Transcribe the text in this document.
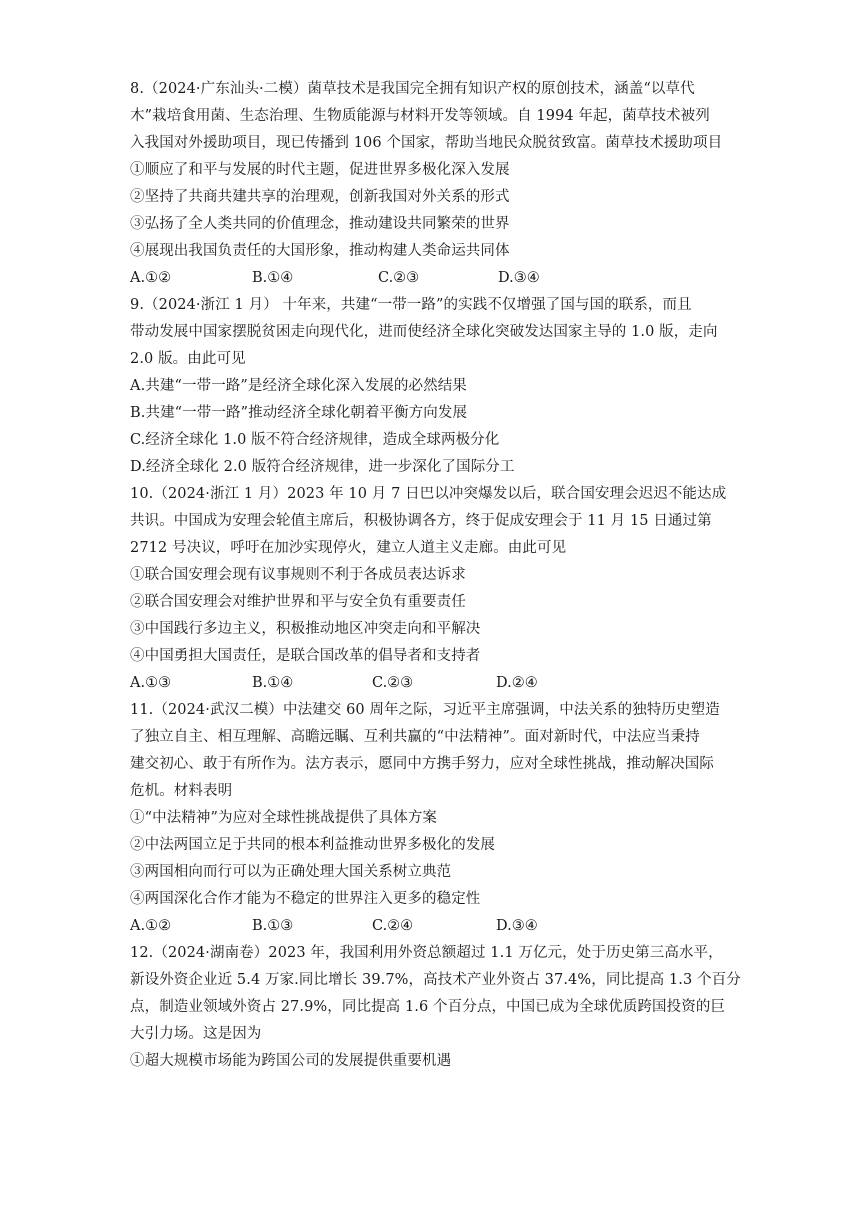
8.（2024·广东汕头·二模）菌草技术是我国完全拥有知识产权的原创技术，涵盖“以草代
木”栽培食用菌、生态治理、生物质能源与材料开发等领域。自 1994 年起，菌草技术被列
入我国对外援助项目，现已传播到 106 个国家，帮助当地民众脱贫致富。菌草技术援助项目
①顺应了和平与发展的时代主题，促进世界多极化深入发展
②坚持了共商共建共享的治理观，创新我国对外关系的形式
③弘扬了全人类共同的价值理念，推动建设共同繁荣的世界
④展现出我国负责任的大国形象，推动构建人类命运共同体
A.①②	B.①④	C.②③	D.③④
9.（2024·浙江 1 月） 十年来，共建“一带一路”的实践不仅增强了国与国的联系，而且
带动发展中国家摆脱贫困走向现代化，进而使经济全球化突破发达国家主导的 1.0 版，走向
2.0 版。由此可见
A.共建“一带一路”是经济全球化深入发展的必然结果
B.共建“一带一路”推动经济全球化朝着平衡方向发展
C.经济全球化 1.0 版不符合经济规律，造成全球两极分化
D.经济全球化 2.0 版符合经济规律，进一步深化了国际分工
10.（2024·浙江 1 月）2023 年 10 月 7 日巴以冲突爆发以后，联合国安理会迟迟不能达成
共识。中国成为安理会轮值主席后，积极协调各方，终于促成安理会于 11 月 15 日通过第
2712 号决议，呼吁在加沙实现停火，建立人道主义走廊。由此可见
①联合国安理会现有议事规则不利于各成员表达诉求
②联合国安理会对维护世界和平与安全负有重要责任
③中国践行多边主义，积极推动地区冲突走向和平解决
④中国勇担大国责任，是联合国改革的倡导者和支持者
A.①③	B.①④	C.②③	D.②④
11.（2024·武汉二模）中法建交 60 周年之际，习近平主席强调，中法关系的独特历史塑造
了独立自主、相互理解、高瞻远瞩、互利共赢的“中法精神”。面对新时代，中法应当秉持
建交初心、敢于有所作为。法方表示，愿同中方携手努力，应对全球性挑战，推动解决国际
危机。材料表明
①“中法精神”为应对全球性挑战提供了具体方案
②中法两国立足于共同的根本利益推动世界多极化的发展
③两国相向而行可以为正确处理大国关系树立典范
④两国深化合作才能为不稳定的世界注入更多的稳定性
A.①②	B.①③	C.②④	D.③④
12.（2024·湖南卷）2023 年，我国利用外资总额超过 1.1 万亿元，处于历史第三高水平，
新设外资企业近 5.4 万家.同比增长 39.7%，高技术产业外资占 37.4%，同比提高 1.3 个百分
点，制造业领域外资占 27.9%，同比提高 1.6 个百分点，中国已成为全球优质跨国投资的巨
大引力场。这是因为
①超大规模市场能为跨国公司的发展提供重要机遇
